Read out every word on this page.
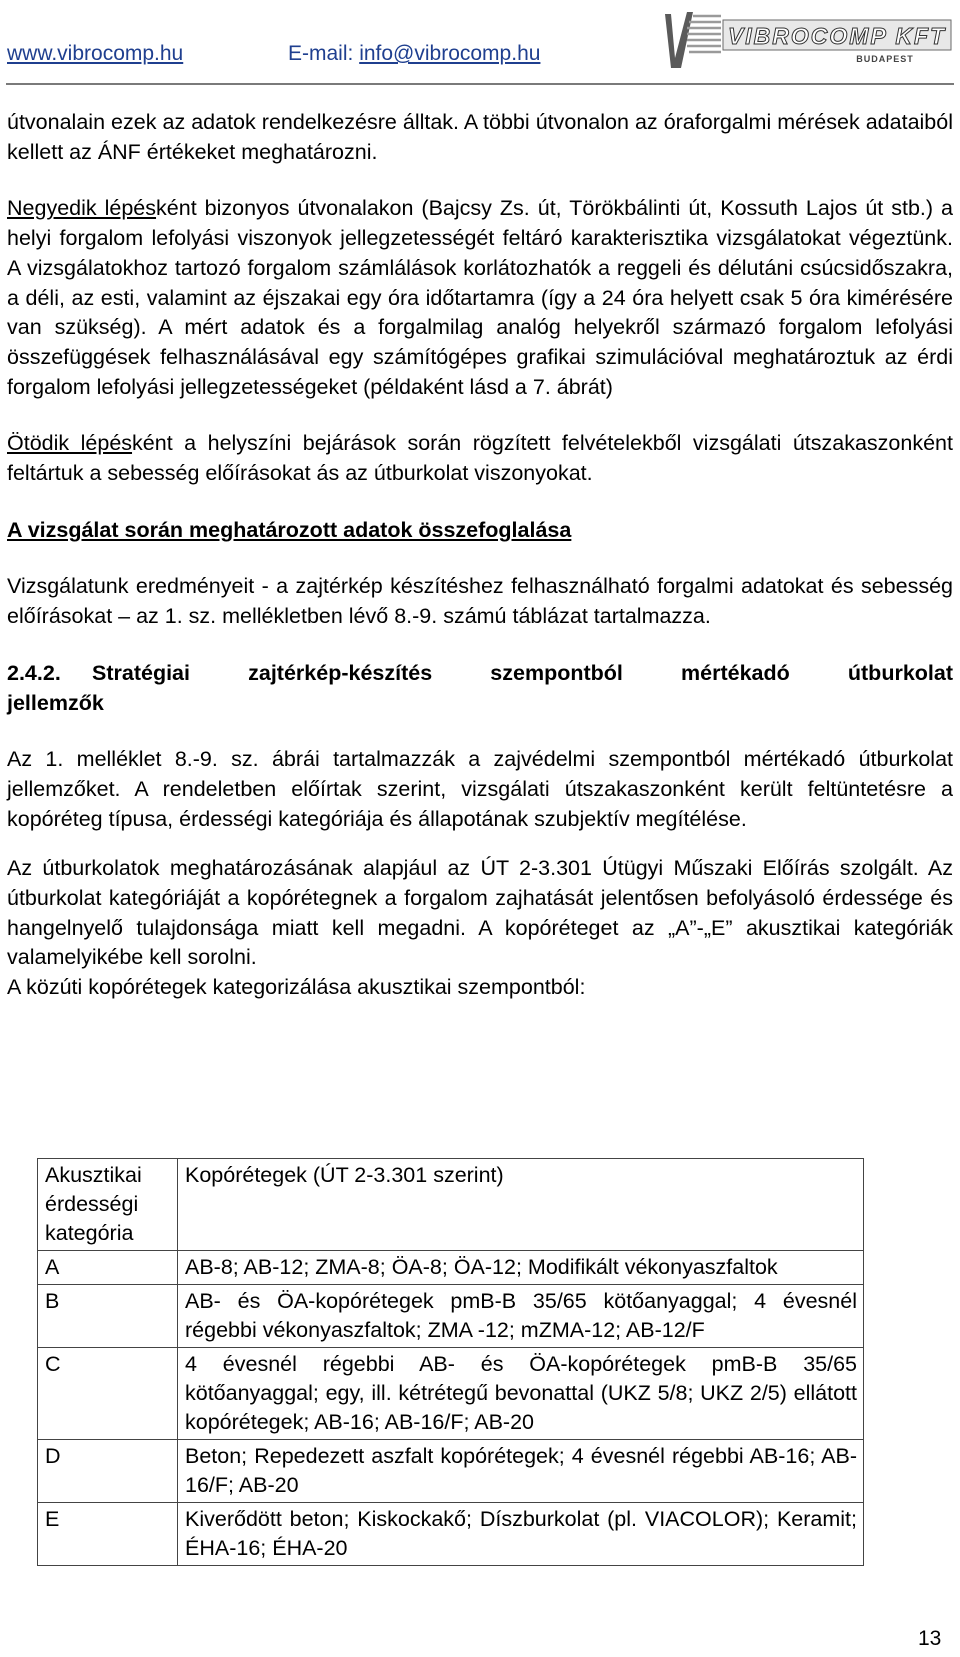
www.vibrocomp.hu	E-mail: info@vibrocomp.hu
VIBROCOMP KFT
BUDAPEST

útvonalain ezek az adatok rendelkezésre álltak. A többi útvonalon az óraforgalmi mérések adataiból kellett az ÁNF értékeket meghatározni.

Negyedik lépésként bizonyos útvonalakon (Bajcsy Zs. út, Törökbálinti út, Kossuth Lajos út stb.) a helyi forgalom lefolyási viszonyok jellegzetességét feltáró karakterisztika vizsgálatokat végeztünk. A vizsgálatokhoz tartozó forgalom számlálások korlátozhatók a reggeli és délutáni csúcsidőszakra, a déli, az esti, valamint az éjszakai egy óra időtartamra (így a 24 óra helyett csak 5 óra kimérésére van szükség). A mért adatok és a forgalmilag analóg helyekről származó forgalom lefolyási összefüggések felhasználásával egy számítógépes grafikai szimulációval meghatároztuk az érdi forgalom lefolyási jellegzetességeket (példaként lásd a 7. ábrát)

Ötödik lépésként a helyszíni bejárások során rögzített felvételekből vizsgálati útszakaszonként feltártuk a sebesség előírásokat ás az útburkolat viszonyokat.

A vizsgálat során meghatározott adatok összefoglalása

Vizsgálatunk eredményeit - a zajtérkép készítéshez felhasználható forgalmi adatokat és sebesség előírásokat – az 1. sz. mellékletben lévő 8.-9. számú táblázat tartalmazza.

2.4.2.	Stratégiai zajtérkép-készítés szempontból mértékadó útburkolat

jellemzők

Az 1. melléklet 8.-9. sz. ábrái tartalmazzák a zajvédelmi szempontból mértékadó útburkolat jellemzőket. A rendeletben előírtak szerint, vizsgálati útszakaszonként került feltüntetésre a kopóréteg típusa, érdességi kategóriája és állapotának szubjektív megítélése.

Az útburkolatok meghatározásának alapjául az ÚT 2-3.301 Útügyi Műszaki Előírás szolgált. Az útburkolat kategóriáját a kopórétegnek a forgalom zajhatását jelentősen befolyásoló érdessége és hangelnyelő tulajdonsága miatt kell megadni. A kopóréteget az „A”-„E” akusztikai kategóriák valamelyikébe kell sorolni.

A közúti kopórétegek kategorizálása akusztikai szempontból:

Akusztikai érdességi kategória	Kopórétegek (ÚT 2-3.301 szerint)
A	AB-8; AB-12; ZMA-8; ÖA-8; ÖA-12; Modifikált vékonyaszfaltok
B	AB- és ÖA-kopórétegek pmB-B 35/65 kötőanyaggal; 4 évesnél régebbi vékonyaszfaltok; ZMA -12; mZMA-12; AB-12/F
C	4 évesnél régebbi AB- és ÖA-kopórétegek pmB-B 35/65 kötőanyaggal; egy, ill. kétrétegű bevonattal (UKZ 5/8; UKZ 2/5) ellátott kopórétegek; AB-16; AB-16/F; AB-20
D	Beton; Repedezett aszfalt kopórétegek; 4 évesnél régebbi AB-16; AB-16/F; AB-20
E	Kiverődött beton; Kiskockakő; Díszburkolat (pl. VIACOLOR); Keramit; ÉHA-16; ÉHA-20
13
